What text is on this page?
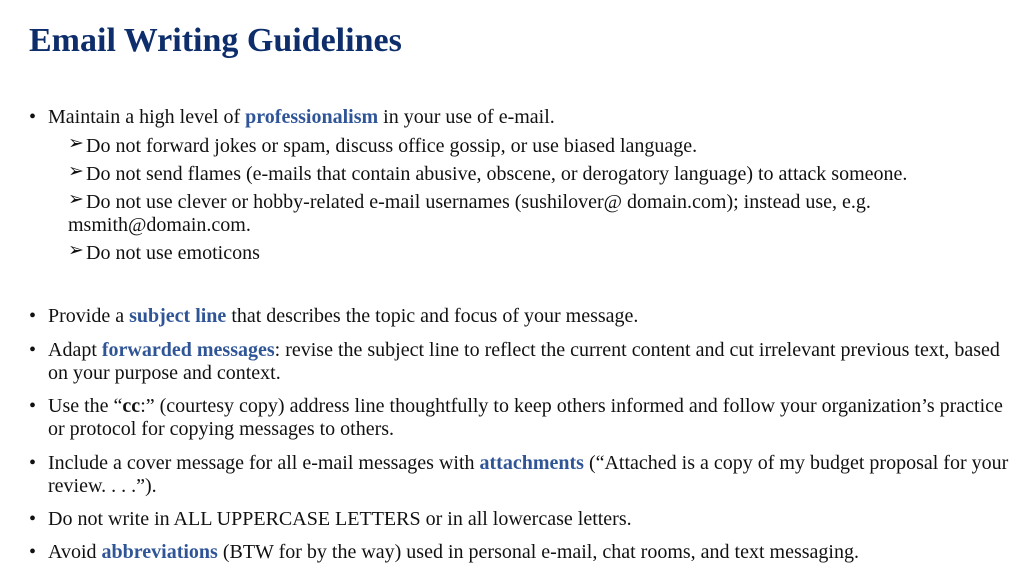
Email Writing Guidelines
• Maintain a high level of professionalism in your use of e-mail.
➢ Do not forward jokes or spam, discuss office gossip, or use biased language.
➢ Do not send flames (e-mails that contain abusive, obscene, or derogatory language) to attack someone.
➢ Do not use clever or hobby-related e-mail usernames (sushilover@ domain.com); instead use, e.g. msmith@domain.com.
➢ Do not use emoticons
• Provide a subject line that describes the topic and focus of your message.
• Adapt forwarded messages: revise the subject line to reflect the current content and cut irrelevant previous text, based on your purpose and context.
• Use the “cc:” (courtesy copy) address line thoughtfully to keep others informed and follow your organization’s practice or protocol for copying messages to others.
• Include a cover message for all e-mail messages with attachments (“Attached is a copy of my budget proposal for your review. . . .”).
• Do not write in ALL UPPERCASE LETTERS or in all lowercase letters.
• Avoid abbreviations (BTW for by the way) used in personal e-mail, chat rooms, and text messaging.
